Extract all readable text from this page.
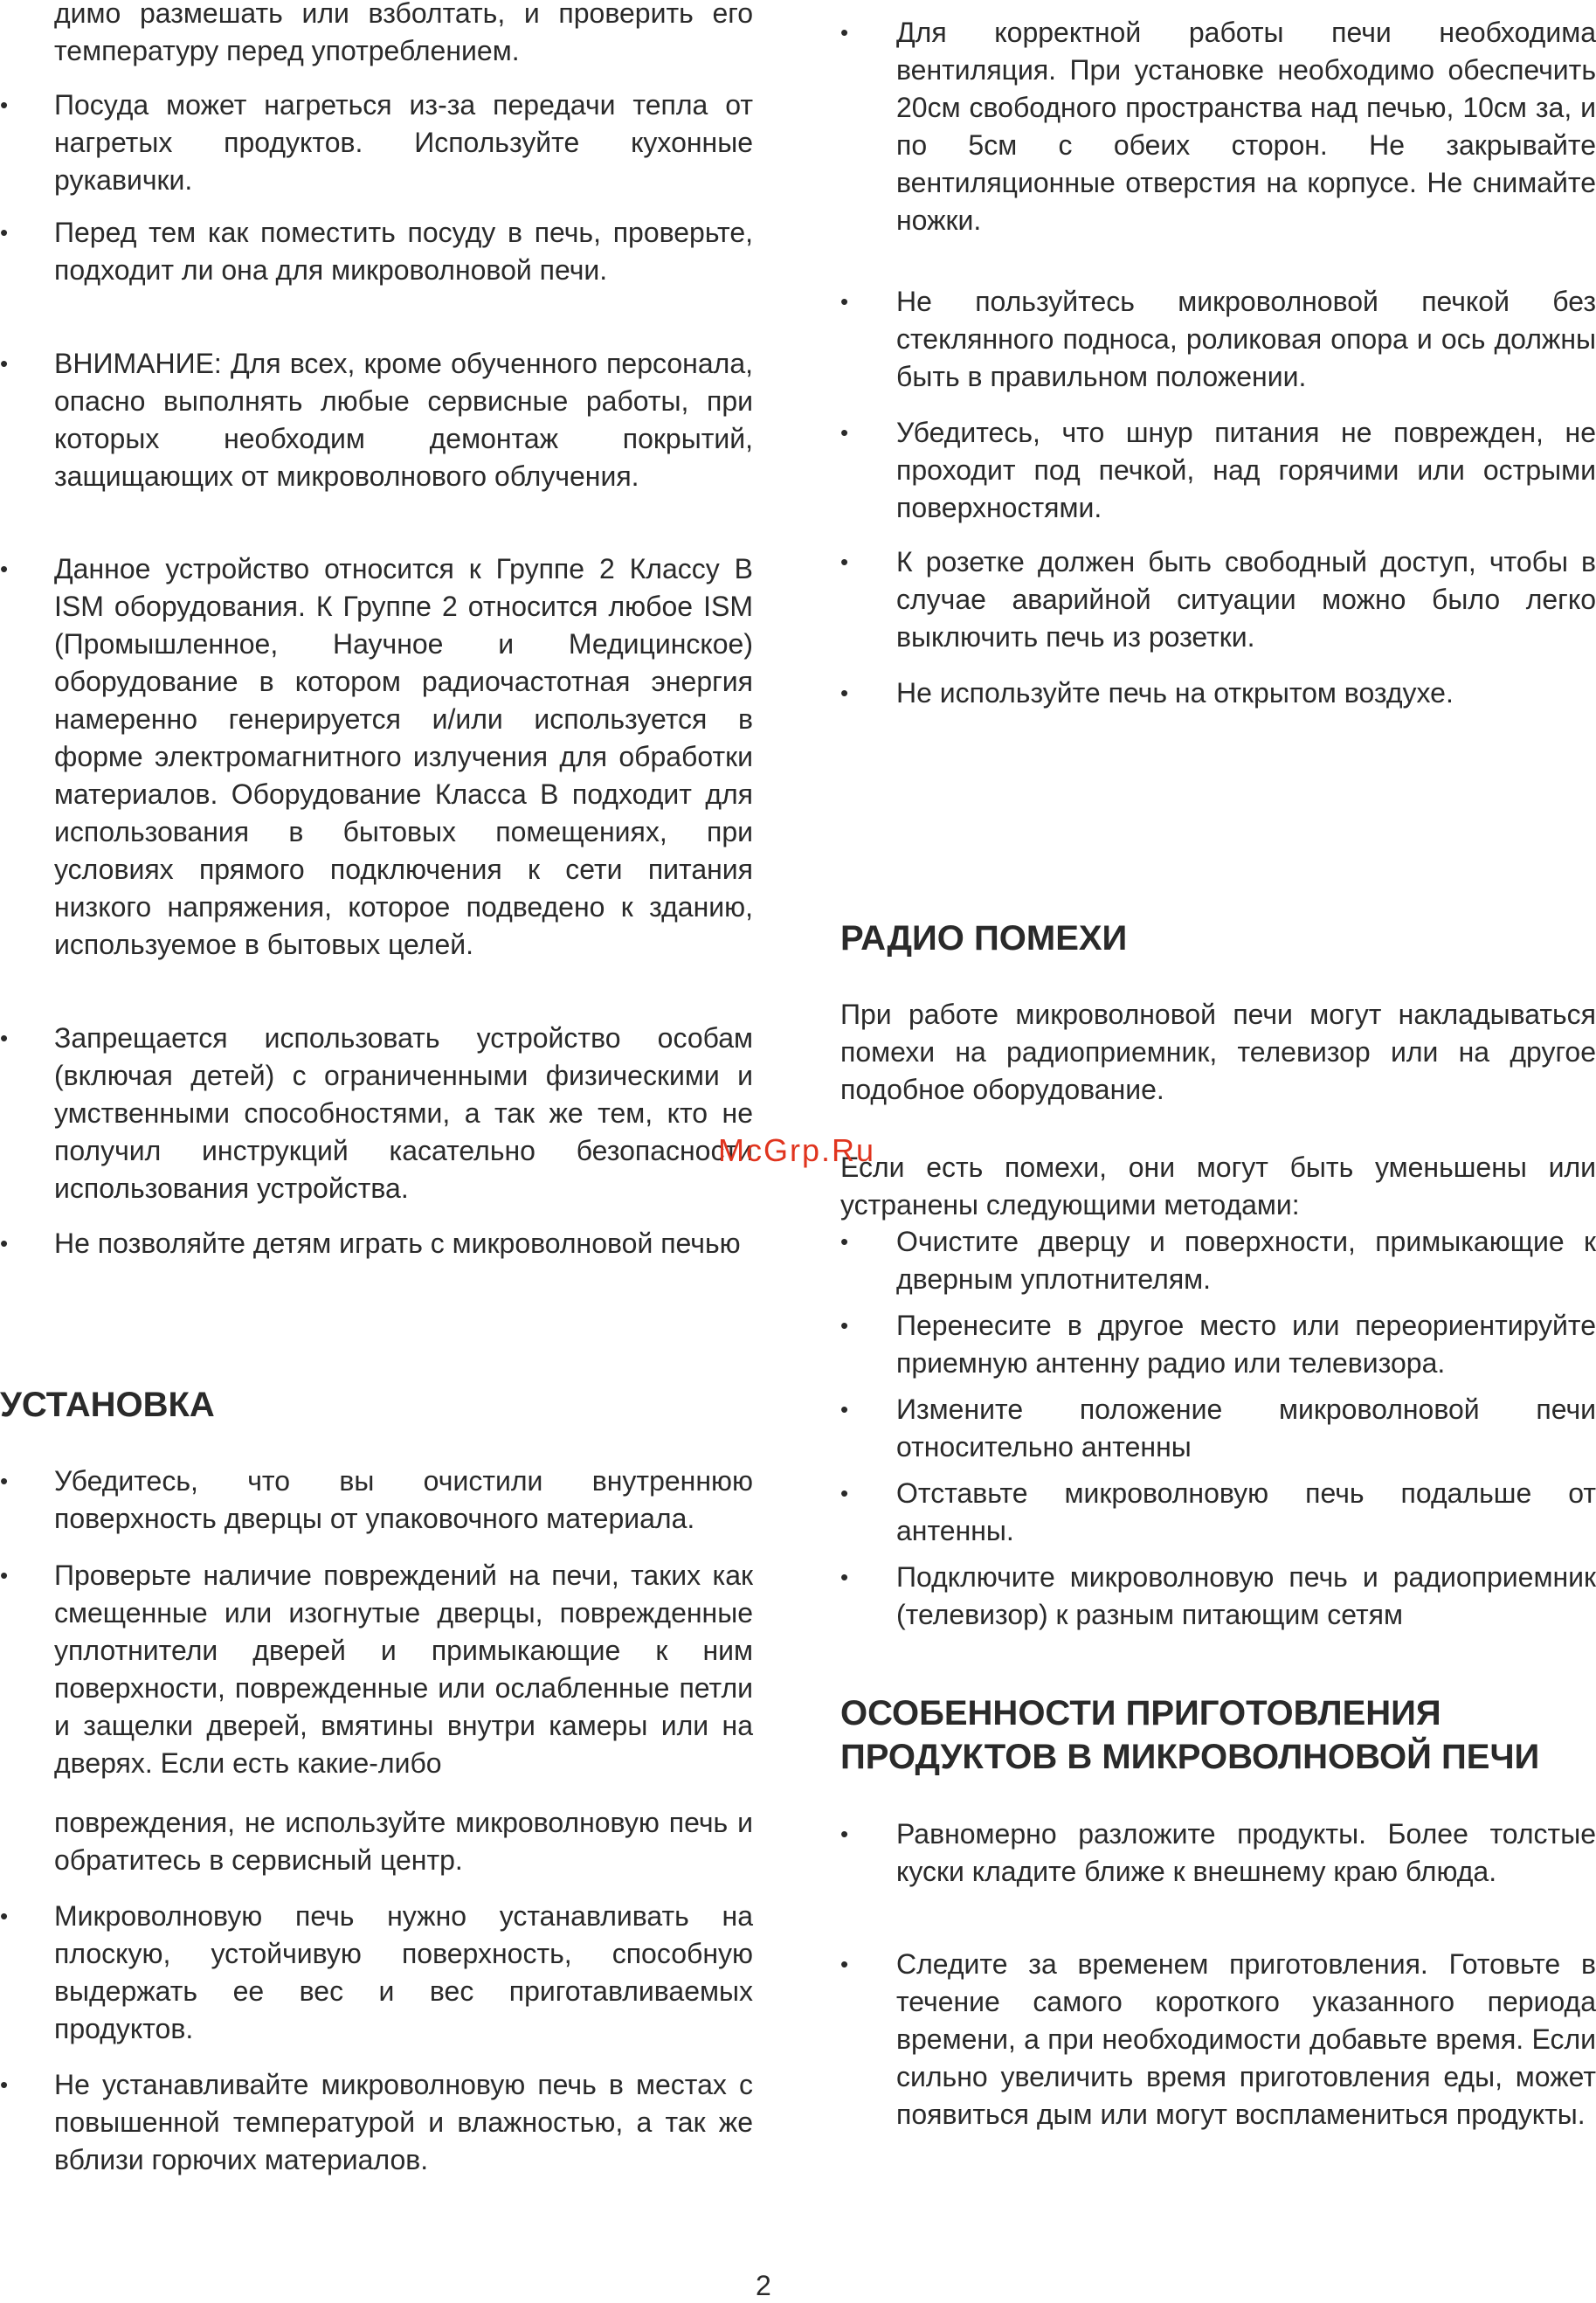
димо размешать или взболтать, и проверить его температуру перед употреблением.

• Посуда может нагреться из-за передачи тепла от нагретых продуктов. Используйте кухонные рукавички.
• Перед тем как поместить посуду в печь, проверьте, подходит ли она для микроволновой печи.
• ВНИМАНИЕ: Для всех, кроме обученного персонала, опасно выполнять любые сервисные работы, при которых необходим демонтаж покрытий, защищающих от микроволнового облучения.
• Данное устройство относится к Группе 2 Классу B ISM оборудования. К Группе 2 относится любое ISM (Промышленное, Научное и Медицинское) оборудование в котором радиочастотная энергия намеренно генерируется и/или используется в форме электромагнитного излучения для обработки материалов. Оборудование Класса B подходит для использования в бытовых помещениях, при условиях прямого подключения к сети питания низкого напряжения, которое подведено к зданию, используемое в бытовых целей.
• Запрещается использовать устройство особам (включая детей) с ограниченными физическими и умственными способностями, а так же тем, кто не получил инструкций касательно безопасности использования устройства.
• Не позволяйте детям играть с микроволновой печью
УСТАНОВКА
• Убедитесь, что вы очистили внутреннюю поверхность дверцы от упаковочного материала.
• Проверьте наличие повреждений на печи, таких как смещенные или изогнутые дверцы, поврежденные уплотнители дверей и примыкающие к ним поверхности, поврежденные или ослабленные петли и защелки дверей, вмятины внутри камеры или на дверях. Если есть какие-либо

повреждения, не используйте микроволновую печь и обратитесь в сервисный центр.

• Микроволновую печь нужно устанавливать на плоскую, устойчивую поверхность, способную выдержать ее вес и вес приготавливаемых продуктов.
• Не устанавливайте микроволновую печь в местах с повышенной температурой и влажностью, а так же вблизи горючих материалов.
• Для корректной работы печи необходима вентиляция. При установке необходимо обеспечить 20см свободного пространства над печью, 10см за, и по 5см с обеих сторон. Не закрывайте вентиляционные отверстия на корпусе. Не снимайте ножки.
• Не пользуйтесь микроволновой печкой без стеклянного подноса, роликовая опора и ось должны быть в правильном положении.
• Убедитесь, что шнур питания не поврежден, не проходит под печкой, над горячими или острыми поверхностями.
• К розетке должен быть свободный доступ, чтобы в случае аварийной ситуации можно было легко выключить печь из розетки.
• Не используйте печь на открытом воздухе.
РАДИО ПОМЕХИ

При работе микроволновой печи могут накладываться помехи на радиоприемник, телевизор или на другое подобное оборудование.

Если есть помехи, они могут быть уменьшены или устранены следующими методами:

• Очистите дверцу и поверхности, примыкающие к дверным уплотнителям.
• Перенесите в другое место или переориентируйте приемную антенну радио или телевизора.
• Измените положение микроволновой печи относительно антенны
• Отставьте микроволновую печь подальше от антенны.
• Подключите микроволновую печь и радиоприемник (телевизор) к разным питающим сетям
ОСОБЕННОСТИ ПРИГОТОВЛЕНИЯ ПРОДУКТОВ В МИКРОВОЛНОВОЙ ПЕЧИ
• Равномерно разложите продукты. Более толстые куски кладите ближе к внешнему краю блюда.
• Следите за временем приготовления. Готовьте в течение самого короткого указанного периода времени, а при необходимости добавьте время. Если сильно увеличить время приготовления еды, может появиться дым или могут воспламениться продукты.
McGrp.Ru
2
